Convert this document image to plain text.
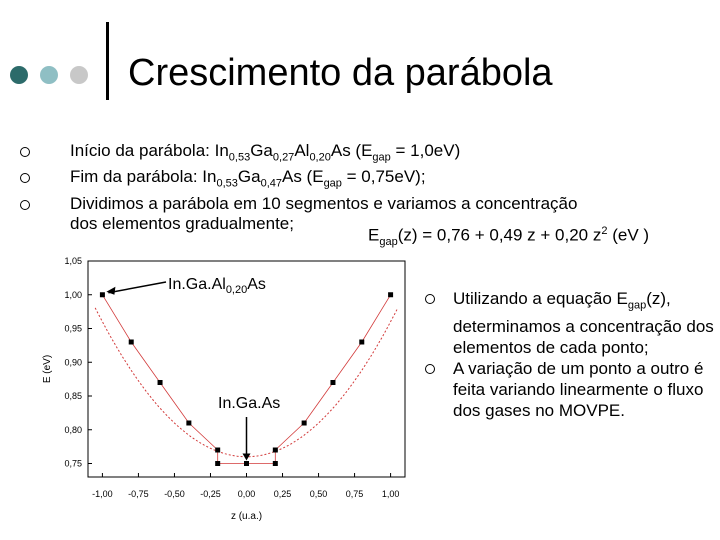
Crescimento da parábola
Início da parábola: $In_{0,53}Ga_{0,27}Al_{0,20}As$ $(E_{gap} = 1,0eV)$
Fim da parábola: $In_{0,53}Ga_{0,47}As$ $(E_{gap} = 0,75eV)$;
Dividimos a parábola em 10 segmentos e variamos a concentração
dos elementos gradualmente;
$E_{gap}(z) = 0,76 + 0,49$ z + 0,20 $z^2$ (eV )
-1,00 -0,75 -0,50 -0,25 0,00 0,25 0,50 0,75 1,00
0,75
0,80
0,85
0,90
0,95
1,00
1,05
z (u.a.)
E (eV)
$In.Ga.Al_{0,20}As$
In.Ga.As
Utilizando a equação $E_{gap}(z)$, determinamos a concentração dos elementos de cada ponto;
A variação de um ponto a outro é feita variando linearmente o fluxo dos gases no MOVPE.
